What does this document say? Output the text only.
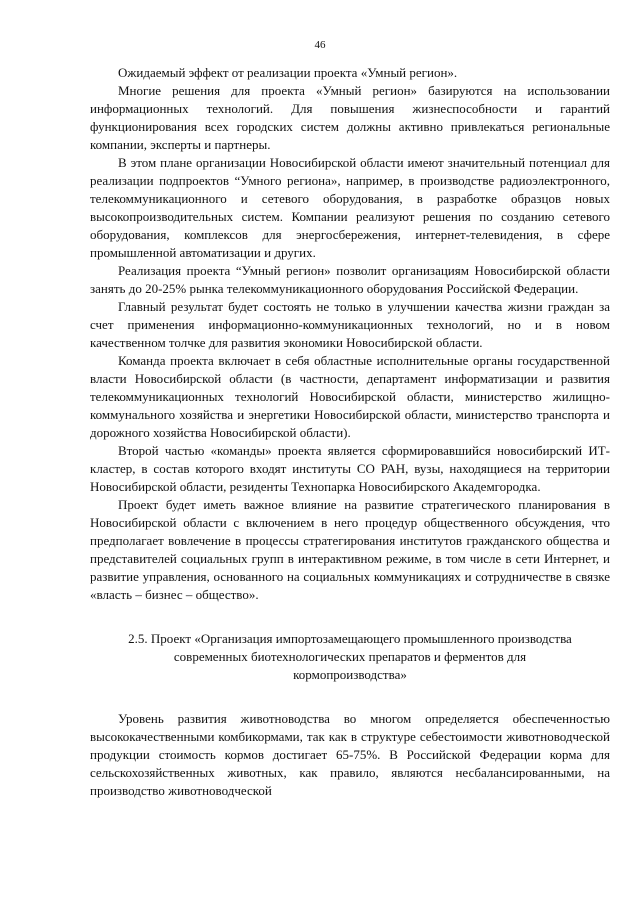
46

Ожидаемый эффект от реализации проекта «Умный регион».

Многие решения для проекта «Умный регион» базируются на использовании информационных технологий. Для повышения жизнеспособности и гарантий функционирования всех городских систем должны активно привлекаться региональные компании, эксперты и партнеры.

В этом плане организации Новосибирской области имеют значительный потенциал для реализации подпроектов “Умного региона», например, в производстве радиоэлектронного, телекоммуникационного и сетевого оборудования, в разработке образцов новых высокопроизводительных систем. Компании реализуют решения по созданию сетевого оборудования, комплексов для энергосбережения, интернет-телевидения, в сфере промышленной автоматизации и других.

Реализация проекта “Умный регион» позволит организациям Новосибирской области занять до 20-25% рынка телекоммуникационного оборудования Российской Федерации.

Главный результат будет состоять не только в улучшении качества жизни граждан за счет применения информационно-коммуникационных технологий, но и в новом качественном толчке для развития экономики Новосибирской области.

Команда проекта включает в себя областные исполнительные органы государственной власти Новосибирской области (в частности, департамент информатизации и развития телекоммуникационных технологий Новосибирской области, министерство жилищно-коммунального хозяйства и энергетики Новосибирской области, министерство транспорта и дорожного хозяйства Новосибирской области).

Второй частью «команды» проекта является сформировавшийся новосибирский ИТ-кластер, в состав которого входят институты СО РАН, вузы, находящиеся на территории Новосибирской области, резиденты Технопарка Новосибирского Академгородка.

Проект будет иметь важное влияние на развитие стратегического планирования в Новосибирской области с включением в него процедур общественного обсуждения, что предполагает вовлечение в процессы стратегирования институтов гражданского общества и представителей социальных групп в интерактивном режиме, в том числе в сети Интернет, и развитие управления, основанного на социальных коммуникациях и сотрудничестве в связке «власть – бизнес – общество».

2.5. Проект «Организация импортозамещающего промышленного производства
современных биотехнологических препаратов и ферментов для
кормопроизводства»

Уровень развития животноводства во многом определяется обеспеченностью высококачественными комбикормами, так как в структуре себестоимости животноводческой продукции стоимость кормов достигает 65-75%. В Российской Федерации корма для сельскохозяйственных животных, как правило, являются несбалансированными, на производство животноводческой
